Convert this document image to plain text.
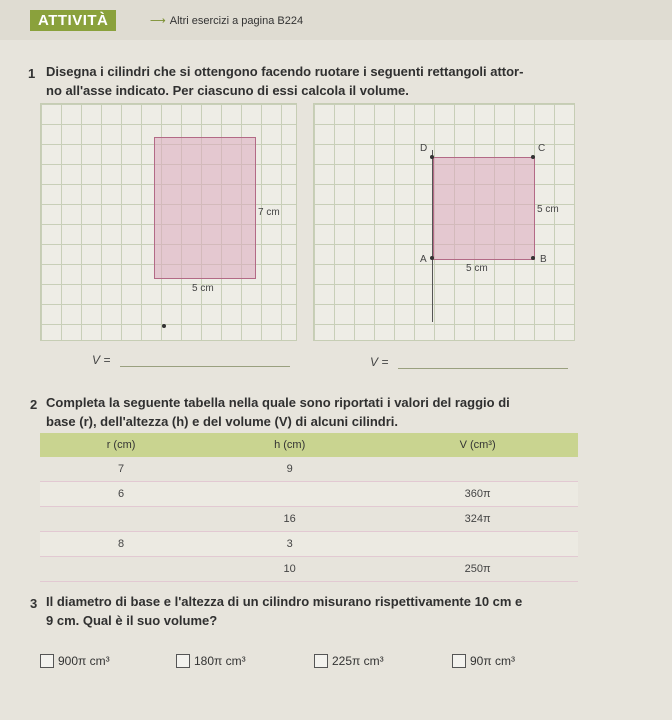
ATTIVITÀ	⟶ Altri esercizi a pagina B224
1 Disegna i cilindri che si ottengono facendo ruotare i seguenti rettangoli attor-
no all'asse indicato. Per ciascuno di essi calcola il volume.
7 cm
5 cm
D	C
A	B
5 cm
5 cm
V =	V =
2 Completa la seguente tabella nella quale sono riportati i valori del raggio di
base (r), dell'altezza (h) e del volume (V) di alcuni cilindri.
r (cm)	h (cm)	V (cm³)
7	9	
6		360π
	16	324π
8	3	
	10	250π
3 Il diametro di base e l'altezza di un cilindro misurano rispettivamente 10 cm e
9 cm. Qual è il suo volume?
900π cm³	180π cm³	225π cm³	90π cm³
